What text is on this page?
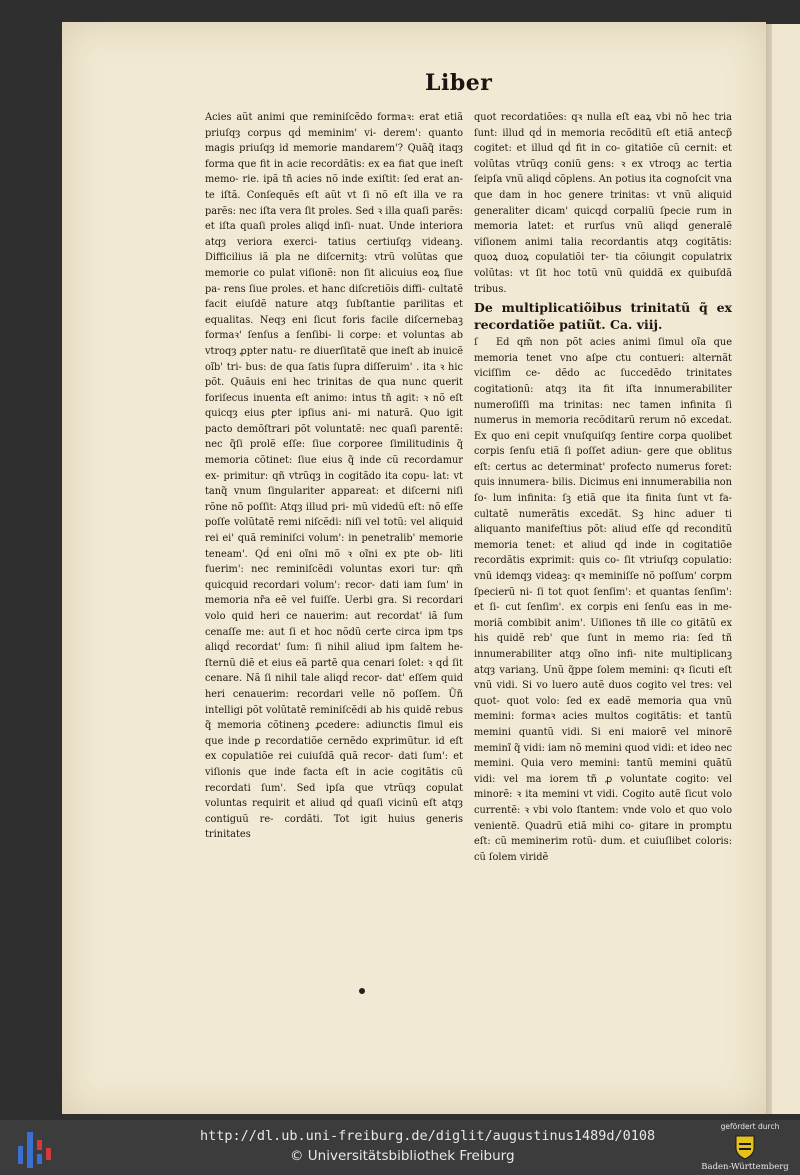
Liber

Acies aũt animi que reminiſcẽdo formaꝛ: erat etiã priuſqȝ corpus qḋ meminim' vi- derem': quanto magis priuſqȝ id memorie mandarem'? Quãq̃ itaqȝ forma que fit in acie recordãtis: ex ea fiat que ineſt memo- rie. ipã tñ acies nõ inde exiſtit: ſed erat an- te iſtã. Conſequẽs eſt aũt vt ſi nõ eſt illa ve ra parẽs: nec iſta vera ſit proles. Sed ꝛ illa quaſi parẽs: et iſta quaſi proles aliqḋ inſi- nuat. Unde interiora atqȝ veriora exerci- tatius certiuſqȝ videanꝫ. Difficilius iã pla ne diſcernitꝫ: vtrũ volũtas que memorie co pulat viſionẽ: non ſit alicuius eoꝝ ſiue pa- rens ſiue proles. et hanc diſcretiõis diffi- cultatẽ facit eiuſdẽ nature atqȝ ſubſtantie parilitas et equalitas. Neqȝ eni ſicut foris facile diſcernebaꝫ formaꝛ' ſenſus a ſenſibi- li corpe: et voluntas ab vtroqȝ ꝓpter natu- re diuerſitatẽ que ineſt ab inuicẽ oĩb' tri- bus: de qua ſatis ſupra diſſeruim' . ita ꝛ hic põt. Quãuis eni hec trinitas de qua nunc querit foriſecus inuenta eſt animo: intus tñ agit: ꝛ nõ eſt quicqȝ eius ꝑter ipſius ani- mi naturã. Quo igit pacto demõſtrari põt voluntatẽ: nec quaſi parentẽ: nec q̃ſi prolẽ eſſe: ſiue corporee ſimilitudinis q̃ memoria cõtinet: ſiue eius q̃ inde cũ recordamur ex- primitur: qñ vtrũqȝ in cogitãdo ita copu- lat: vt tanq̃ vnum ſingulariter appareat: et diſcerni niſi rõne nõ poſſit: Atqȝ illud pri- mũ videdũ eſt: nõ eſſe poſſe volũtatẽ remi niſcẽdi: niſi vel totũ: vel aliquid rei ei' quã reminiſci volum': in penetralib' memorie teneam'. Qḋ eni oĩni mõ ꝛ oĩni ex pte ob- liti fuerim': nec reminiſcẽdi voluntas exori tur: qm̃ quicquid recordari volum': recor- dati iam ſum' in memoria nr̃a eẽ vel fuiſſe. Uerbi gra. Si recordari volo quid heri ce nauerim: aut recordat' iã ſum cenaſſe me: aut ſi et hoc nõdũ certe circa ipm tps aliqḋ recordat' ſum: ſi nihil aliud ipm ſaltem he- ſternũ diẽ et eius eã partẽ qua cenari ſolet: ꝛ qḋ ſit cenare. Nã ſi nihil tale aliqḋ recor- dat' eſſem quid heri cenauerim: recordari velle nõ poſſem. Ũñ intelligi põt volũtatẽ reminiſcẽdi ab his quidẽ rebus q̃ memoria cõtinenꝫ ꝓcedere: adiunctis ſimul eis que inde ꝑ recordatiõe cernẽdo exprimũtur. id eſt ex copulatiõe rei cuiuſdã quã recor- dati ſum': et viſionis que inde facta eſt in acie cogitãtis cũ recordati ſum'. Sed ipſa que vtrũqȝ copulat voluntas requirit et aliud qḋ quaſi vicinũ eſt atqȝ contiguũ re- cordãti. Tot igit huius generis trinitates

quot recordatiões: qꝛ nulla eſt eaꝝ vbi nõ hec tria ſunt: illud qḋ in memoria recõditũ eſt etiã antecp̃ cogitet: et illud qḋ fit in co- gitatiõe cũ cernit: et volũtas vtrũqȝ coniũ gens: ꝛ ex vtroqȝ ac tertia ſeipſa vnũ aliqḋ cõplens. An potius ita cognoſcit vna que dam in hoc genere trinitas: vt vnũ aliquid generaliter dicam' quicqḋ corpaliũ ſpecie rum in memoria latet: et rurſus vnũ aliqḋ generalẽ viſionem animi talia recordantis atqȝ cogitãtis: quoꝝ duoꝝ copulatiõi ter- tia cõiungit copulatrix volũtas: vt ſit hoc totũ vnũ quiddã ex quibuſdã tribus.

De multiplicatiõibus trinitatũ q̃ ex recordatiõe patiũt. Ca. viij.

ſ Ed qm̃ non põt acies animi ſimul oĩa que memoria tenet vno aſpe ctu contueri: alternãt viciſſim ce- dẽdo ac ſuccedẽdo trinitates cogitationũ: atqȝ ita fit iſta innumerabiliter numeroſiſſi ma trinitas: nec tamen infinita ſi numerus in memoria recõditarũ rerum nõ excedat. Ex quo eni cepit vnuſquiſqȝ ſentire corpa quolibet corpis ſenſu etiã ſi poſſet adiun- gere que oblitus eſt: certus ac determinat' profecto numerus foret: quis innumera- bilis. Dicimus eni innumerabilia non ſo- lum infinita: ſꝫ etiã que ita finita ſunt vt fa- cultatẽ numerãtis excedãt. Sꝫ hinc aduer ti aliquanto manifeſtius põt: aliud eſſe qḋ reconditũ memoria tenet: et aliud qḋ inde in cogitatiõe recordãtis exprimit: quis co- ſit vtriuſqȝ copulatio: vnũ idemqȝ videaꝫ: qꝛ meminiſſe nõ poſſum' corpm ſpecierũ ni- ſi tot quot ſenſim': et quantas ſenſim': et ſi- cut ſenſim'. ex corpis eni ſenſu eas in me- moriã combibit anim'. Uiſiones tñ ille co gitãtũ ex his quidẽ reb' que ſunt in memo ria: ſed tñ innumerabiliter atqȝ oĩno infi- nite multiplicanꝫ atqȝ varianꝫ. Unũ q̃ppe ſolem memini: qꝛ ſicuti eſt vnũ vidi. Si vo luero autẽ duos cogito vel tres: vel quot- quot volo: ſed ex eadẽ memoria qua vnũ memini: formaꝛ acies multos cogitãtis: et tantũ memini quantũ vidi. Si eni maiorẽ vel minorẽ meminĩ q̃ vidi: iam nõ memini quod vidi: et ideo nec memini. Quia vero memini: tantũ memini quãtũ vidi: vel ma iorem tñ ꝓ voluntate cogito: vel minorẽ: ꝛ ita memini vt vidi. Cogito autẽ ſicut volo currentẽ: ꝛ vbi volo ſtantem: vnde volo et quo volo venientẽ. Quadrũ etiã mihi co- gitare in promptu eſt: cũ meminerim rotũ- dum. et cuiuſlibet coloris: cũ ſolem viridẽ

http://dl.ub.uni-freiburg.de/diglit/augustinus1489d/0108
© Universitätsbibliothek Freiburg
gefördert durch
Baden-Württemberg
